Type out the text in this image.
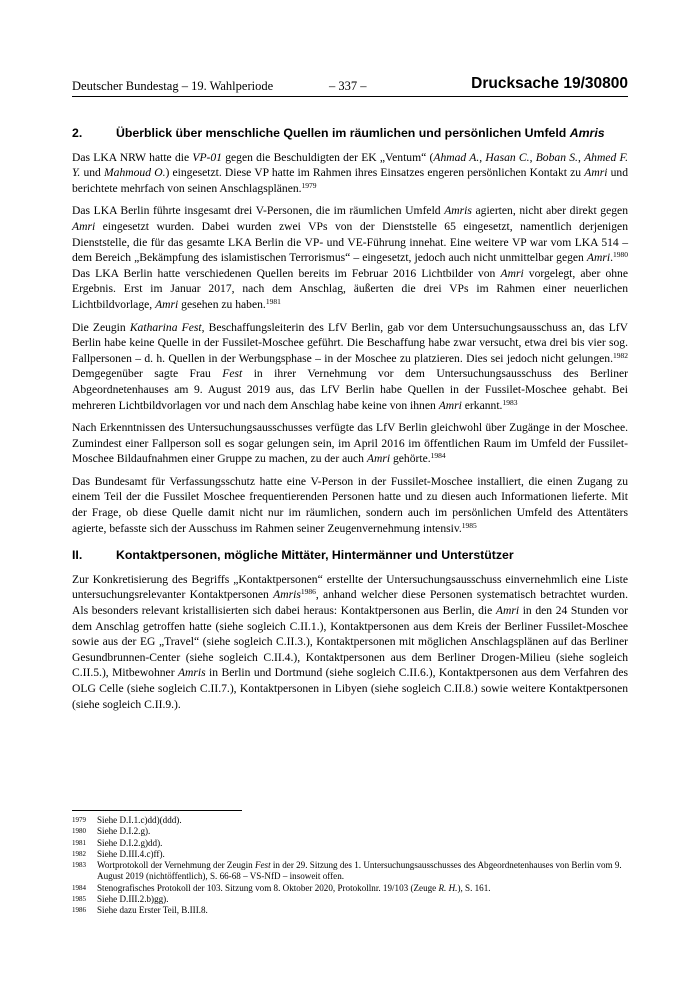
Deutscher Bundestag – 19. Wahlperiode	– 337 –	Drucksache 19/30800
2.	Überblick über menschliche Quellen im räumlichen und persönlichen Umfeld Amris

Das LKA NRW hatte die VP-01 gegen die Beschuldigten der EK „Ventum“ (Ahmad A., Hasan C., Boban S., Ahmed F. Y. und Mahmoud O.) eingesetzt. Diese VP hatte im Rahmen ihres Einsatzes engeren persönlichen Kontakt zu Amri und berichtete mehrfach von seinen Anschlagsplänen.$^{1979}$

Das LKA Berlin führte insgesamt drei V-Personen, die im räumlichen Umfeld Amris agierten, nicht aber direkt gegen Amri eingesetzt wurden. Dabei wurden zwei VPs von der Dienststelle 65 eingesetzt, namentlich derjenigen Dienststelle, die für das gesamte LKA Berlin die VP- und VE-Führung innehat. Eine weitere VP war vom LKA 514 – dem Bereich „Bekämpfung des islamistischen Terrorismus“ – eingesetzt, jedoch auch nicht unmittelbar gegen Amri.$^{1980}$ Das LKA Berlin hatte verschiedenen Quellen bereits im Februar 2016 Lichtbilder von Amri vorgelegt, aber ohne Ergebnis. Erst im Januar 2017, nach dem Anschlag, äußerten die drei VPs im Rahmen einer neuerlichen Lichtbildvorlage, Amri gesehen zu haben.$^{1981}$

Die Zeugin Katharina Fest, Beschaffungsleiterin des LfV Berlin, gab vor dem Untersuchungsausschuss an, das LfV Berlin habe keine Quelle in der Fussilet-Moschee geführt. Die Beschaffung habe zwar versucht, etwa drei bis vier sog. Fallpersonen – d. h. Quellen in der Werbungsphase – in der Moschee zu platzieren. Dies sei jedoch nicht gelungen.$^{1982}$ Demgegenüber sagte Frau Fest in ihrer Vernehmung vor dem Untersuchungsausschuss des Berliner Abgeordnetenhauses am 9. August 2019 aus, das LfV Berlin habe Quellen in der Fussilet-Moschee gehabt. Bei mehreren Lichtbildvorlagen vor und nach dem Anschlag habe keine von ihnen Amri erkannt.$^{1983}$

Nach Erkenntnissen des Untersuchungsausschusses verfügte das LfV Berlin gleichwohl über Zugänge in der Moschee. Zumindest einer Fallperson soll es sogar gelungen sein, im April 2016 im öffentlichen Raum im Umfeld der Fussilet-Moschee Bildaufnahmen einer Gruppe zu machen, zu der auch Amri gehörte.$^{1984}$

Das Bundesamt für Verfassungsschutz hatte eine V-Person in der Fussilet-Moschee installiert, die einen Zugang zu einem Teil der die Fussilet Moschee frequentierenden Personen hatte und zu diesen auch Informationen lieferte. Mit der Frage, ob diese Quelle damit nicht nur im räumlichen, sondern auch im persönlichen Umfeld des Attentäters agierte, befasste sich der Ausschuss im Rahmen seiner Zeugenvernehmung intensiv.$^{1985}$

II.	Kontaktpersonen, mögliche Mittäter, Hintermänner und Unterstützer

Zur Konkretisierung des Begriffs „Kontaktpersonen“ erstellte der Untersuchungsausschuss einvernehmlich eine Liste untersuchungsrelevanter Kontaktpersonen Amris$^{1986}$, anhand welcher diese Personen systematisch betrachtet wurden. Als besonders relevant kristallisierten sich dabei heraus: Kontaktpersonen aus Berlin, die Amri in den 24 Stunden vor dem Anschlag getroffen hatte (siehe sogleich C.II.1.), Kontaktpersonen aus dem Kreis der Berliner Fussilet-Moschee sowie aus der EG „Travel“ (siehe sogleich C.II.3.), Kontaktpersonen mit möglichen Anschlagsplänen auf das Berliner Gesundbrunnen-Center (siehe sogleich C.II.4.), Kontaktpersonen aus dem Berliner Drogen-Milieu (siehe sogleich C.II.5.), Mitbewohner Amris in Berlin und Dortmund (siehe sogleich C.II.6.), Kontaktpersonen aus dem Verfahren des OLG Celle (siehe sogleich C.II.7.), Kontaktpersonen in Libyen (siehe sogleich C.II.8.) sowie weitere Kontaktpersonen (siehe sogleich C.II.9.).

1979	Siehe D.I.1.c)dd)(ddd).
1980	Siehe D.I.2.g).
1981	Siehe D.I.2.g)dd).
1982	Siehe D.III.4.c)ff).
1983	Wortprotokoll der Vernehmung der Zeugin Fest in der 29. Sitzung des 1. Untersuchungsausschusses des Abgeordnetenhauses von Berlin vom 9. August 2019 (nichtöffentlich), S. 66-68 – VS-NfD – insoweit offen.
1984	Stenografisches Protokoll der 103. Sitzung vom 8. Oktober 2020, Protokollnr. 19/103 (Zeuge R. H.), S. 161.
1985	Siehe D.III.2.b)gg).
1986	Siehe dazu Erster Teil, B.III.8.
